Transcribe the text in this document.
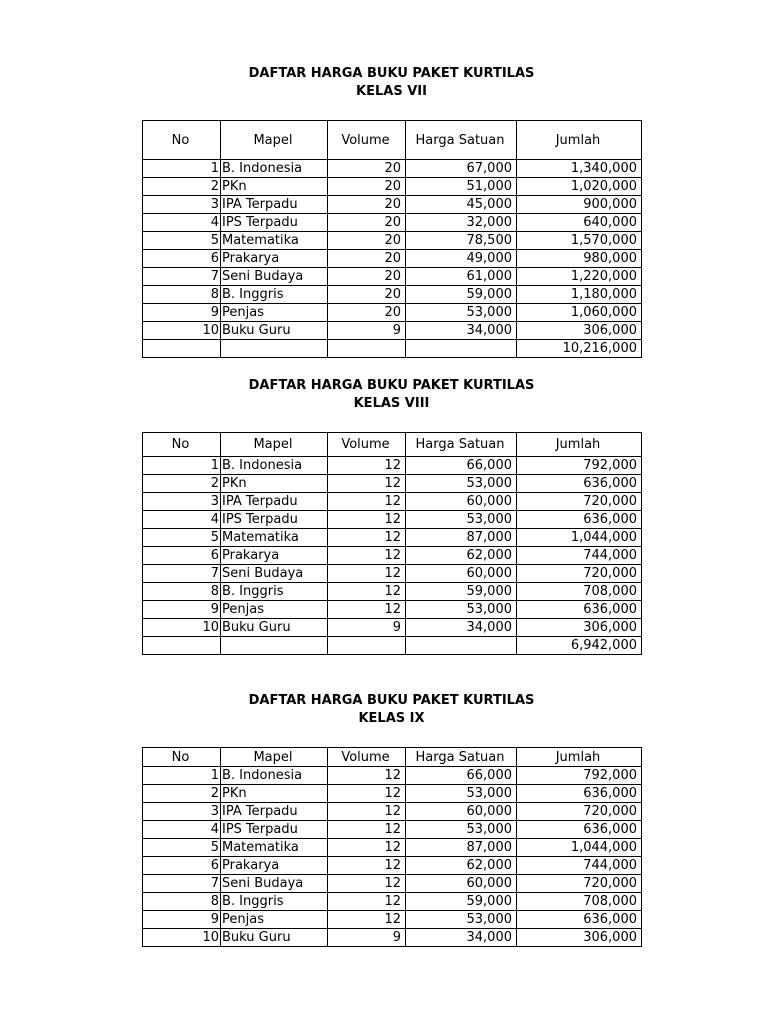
DAFTAR HARGA BUKU PAKET KURTILAS
KELAS VII
No	Mapel	Volume	Harga Satuan	Jumlah
1	B. Indonesia	20	67,000	1,340,000
2	PKn	20	51,000	1,020,000
3	IPA Terpadu	20	45,000	900,000
4	IPS Terpadu	20	32,000	640,000
5	Matematika	20	78,500	1,570,000
6	Prakarya	20	49,000	980,000
7	Seni Budaya	20	61,000	1,220,000
8	B. Inggris	20	59,000	1,180,000
9	Penjas	20	53,000	1,060,000
10	Buku Guru	9	34,000	306,000
				10,216,000
DAFTAR HARGA BUKU PAKET KURTILAS
KELAS VIII
No	Mapel	Volume	Harga Satuan	Jumlah
1	B. Indonesia	12	66,000	792,000
2	PKn	12	53,000	636,000
3	IPA Terpadu	12	60,000	720,000
4	IPS Terpadu	12	53,000	636,000
5	Matematika	12	87,000	1,044,000
6	Prakarya	12	62,000	744,000
7	Seni Budaya	12	60,000	720,000
8	B. Inggris	12	59,000	708,000
9	Penjas	12	53,000	636,000
10	Buku Guru	9	34,000	306,000
				6,942,000
DAFTAR HARGA BUKU PAKET KURTILAS
KELAS IX
No	Mapel	Volume	Harga Satuan	Jumlah
1	B. Indonesia	12	66,000	792,000
2	PKn	12	53,000	636,000
3	IPA Terpadu	12	60,000	720,000
4	IPS Terpadu	12	53,000	636,000
5	Matematika	12	87,000	1,044,000
6	Prakarya	12	62,000	744,000
7	Seni Budaya	12	60,000	720,000
8	B. Inggris	12	59,000	708,000
9	Penjas	12	53,000	636,000
10	Buku Guru	9	34,000	306,000
